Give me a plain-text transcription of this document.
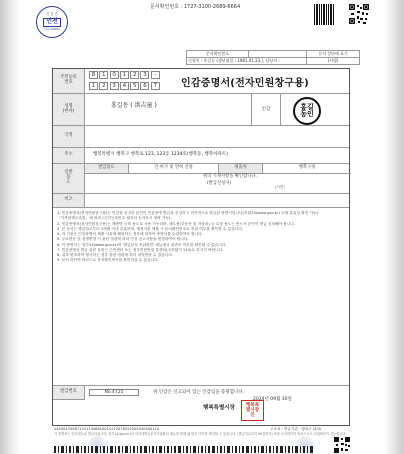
인 감 증
인천
인증 KOREA
문서확인번호 : 1727-3100-2689-6664
문서확인번호		문서 상단에 표기
신청인 : 홍길동 (생년월일 : 1981.01.23.), 담당자 :		(서명)
주민등록
번호
8	1	0	1	2	3	-
1	2	3	4	5	6	7 인감증명서(전자민원창구용)
성명
(한자)
홍길동 ( 洪吉童 )
인감
국적
홍길
동인
주소	행복특별시 행복구 행복로 123, 123동 1234호(행복동, 행복아파트)
일반
용
도
발급용도	인·허가 및 면허 신청	제출처	행복구청
위의 기재사항을 확인합니다.
(발급신청자)
(서명)
비고

1. 인감증명서(전자민원창구용)는 인감을 신고한 본인이 인감증명 발급을 신청하고 전자적으로 발급된 증명서입니다(민원24(www.gov.kr) 등에 유효성 확인 가능).

「가족관계등록법」에 따라 (주민등록번호 뒷자리 숫자표시 생략 가능).

2. 인감증명서(전자민원창구용)는 제증명 등의 용도로 사용 가능하며, 매도용(부동산 및 자동차) 등 특정 용도는 반드시 본인이 발급 신청해야 합니다.

3. 본 문서는 발급일로부터 3개월 이내 유효하며, 행정기관 제출 시 문서확인번호로 진위 여부를 확인할 수 있습니다.

4. 각 기관은 인감증명서 제출 사유에 해당하는 경우에 한하여 증명서를 수령하여야 합니다.

5. 주소변동 및 성명변경 시 관련 법령에 따라 인감 신고사항을 변경하여야 합니다.

6. 이 증명서는 정부24(www.gov.kr)의 '발급문서 진위확인' 메뉴에서 위변조 여부를 확인할 수 있습니다.

7. 인감증명서 발급 관련 문의는 주민센터 또는 정부민원안내 콜센터(국번없이 110)로 하시기 바랍니다.

8. 위조·변조하여 행사하는 경우 관련 법령에 따라 처벌받을 수 있습니다.

9. 문서 하단의 바코드로 문서확인번호를 확인하실 수 있습니다.

발급번호	No.4725	위 인감은 신고되어 있는 인감임을 증명합니다.
2024년 09월 30일
행복특별시장 행복특
별시장
인
2420047008712011408810014112076252205040500110	주소처 : 발급기관 · 행복구 (3/3)
이 증명서는 인터넷으로 발급되었으며, 정부24(gov.kr)의 인터넷발급문서진위확인 메뉴를 통해 위·변조 여부를 확인할 수 있습니다. (발급일로부터 90일까지) 또한 문서하단의 바코드로도 진위확인이 가능합니다.
